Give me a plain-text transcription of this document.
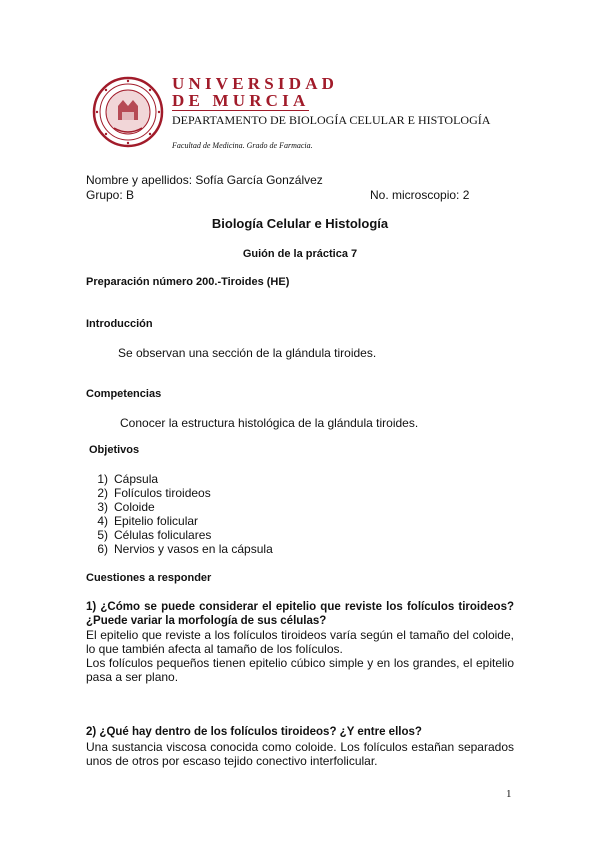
UNIVERSIDAD
DE MURCIA
DEPARTAMENTO DE BIOLOGÍA CELULAR E HISTOLOGÍA
Facultad de Medicina. Grado de Farmacia.
Nombre y apellidos: Sofía García Gonzálvez
Grupo: B	No. microscopio: 2
Biología Celular e Histología
Guión de la práctica 7
Preparación número 200.-Tiroides (HE)
Introducción
Se observan una sección de la glándula tiroides.
Competencias
Conocer la estructura histológica de la glándula tiroides.
Objetivos
1) Cápsula
2) Folículos tiroideos
3) Coloide
4) Epitelio folicular
5) Células foliculares
6) Nervios y vasos en la cápsula
Cuestiones a responder
1) ¿Cómo se puede considerar el epitelio que reviste los folículos tiroideos? ¿Puede variar la morfología de sus células?
El epitelio que reviste a los folículos tiroideos varía según el tamaño del coloide, lo que también afecta al tamaño de los folículos.
Los folículos pequeños tienen epitelio cúbico simple y en los grandes, el epitelio pasa a ser plano.
2) ¿Qué hay dentro de los folículos tiroideos? ¿Y entre ellos?
Una sustancia viscosa conocida como coloide. Los folículos estañan separados unos de otros por escaso tejido conectivo interfolicular.
1
